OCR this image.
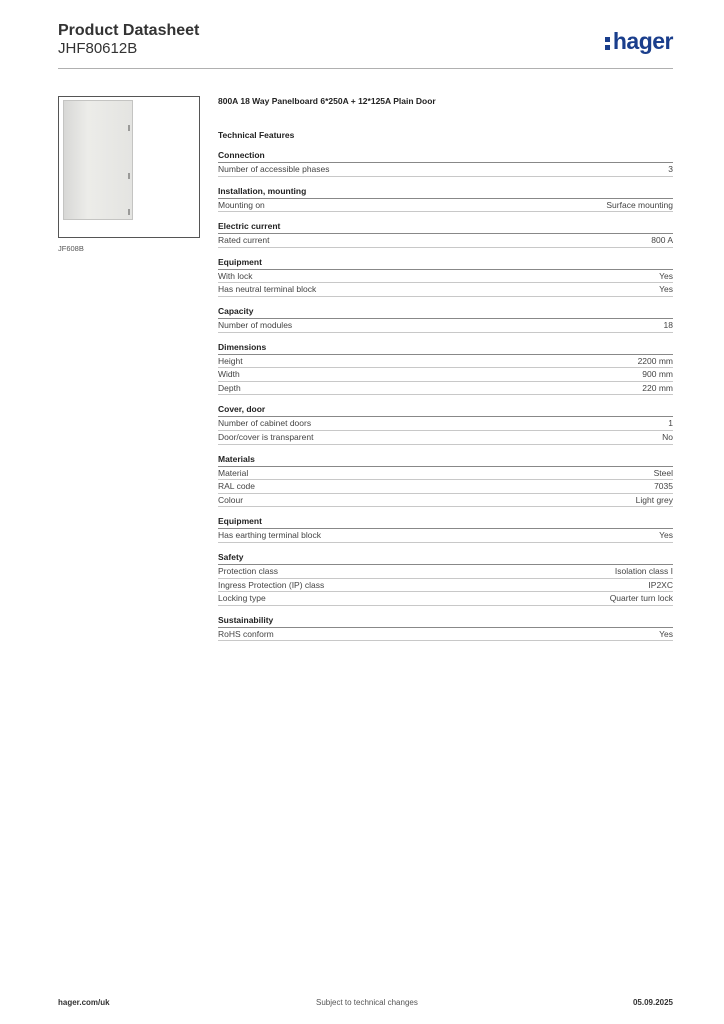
Product Datasheet
JHF80612B	hager
JF608B
800A 18 Way Panelboard 6*250A + 12*125A Plain Door
Technical Features
Connection
Number of accessible phases	3
Installation, mounting
Mounting on	Surface mounting
Electric current
Rated current	800 A
Equipment
With lock	Yes
Has neutral terminal block	Yes
Capacity
Number of modules	18
Dimensions
Height	2200 mm
Width	900 mm
Depth	220 mm
Cover, door
Number of cabinet doors	1
Door/cover is transparent	No
Materials
Material	Steel
RAL code	7035
Colour	Light grey
Equipment
Has earthing terminal block	Yes
Safety
Protection class	Isolation class I
Ingress Protection (IP) class	IP2XC
Locking type	Quarter turn lock
Sustainability
RoHS conform	Yes
hager.com/uk	Subject to technical changes	05.09.2025
